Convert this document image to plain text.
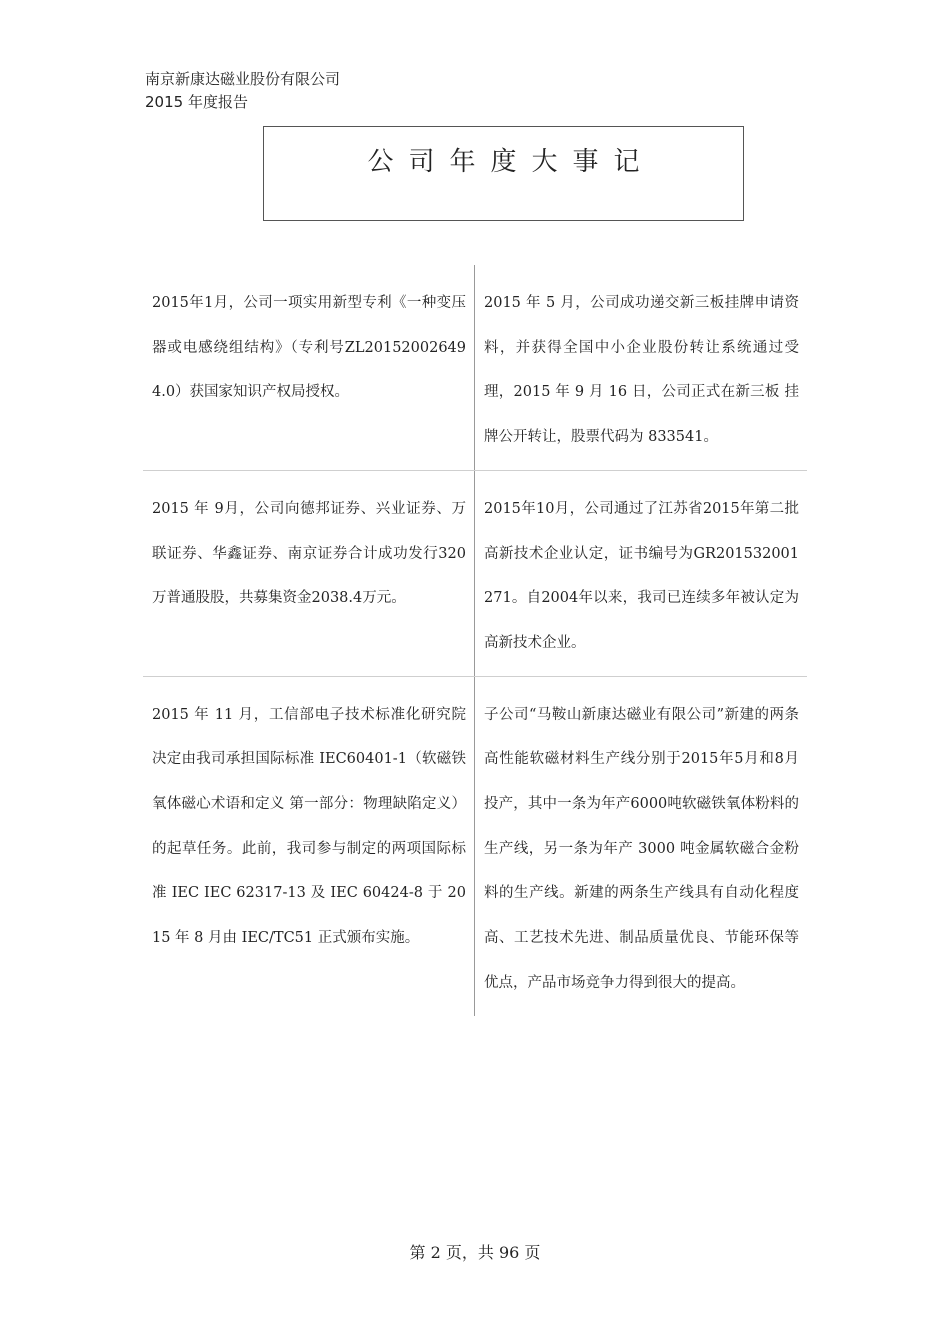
南京新康达磁业股份有限公司
2015 年度报告
公司年度大事记
2015年1月，公司一项实用新型专利《一种变压器或电感绕组结构》（专利号ZL201520026494.0）获国家知识产权局授权。
2015 年 5 月，公司成功递交新三板挂牌申请资料，并获得全国中小企业股份转让系统通过受理，2015 年 9 月 16 日，公司正式在新三板 挂牌公开转让，股票代码为 833541。
2015 年 9月，公司向德邦证券、兴业证券、万联证券、华鑫证券、南京证券合计成功发行320万普通股股，共募集资金2038.4万元。
2015年10月，公司通过了江苏省2015年第二批高新技术企业认定，证书编号为GR201532001271。自2004年以来，我司已连续多年被认定为高新技术企业。
2015 年 11 月，工信部电子技术标准化研究院决定由我司承担国际标准 IEC60401-1（软磁铁氧体磁心术语和定义 第一部分：物理缺陷定义）的起草任务。此前，我司参与制定的两项国际标准 IEC IEC 62317-13 及 IEC 60424-8 于 2015 年 8 月由 IEC/TC51 正式颁布实施。
子公司“马鞍山新康达磁业有限公司”新建的两条高性能软磁材料生产线分别于2015年5月和8月投产，其中一条为年产6000吨软磁铁氧体粉料的生产线，另一条为年产 3000 吨金属软磁合金粉料的生产线。新建的两条生产线具有自动化程度高、工艺技术先进、制品质量优良、节能环保等优点，产品市场竞争力得到很大的提高。
第 2 页，共 96 页
